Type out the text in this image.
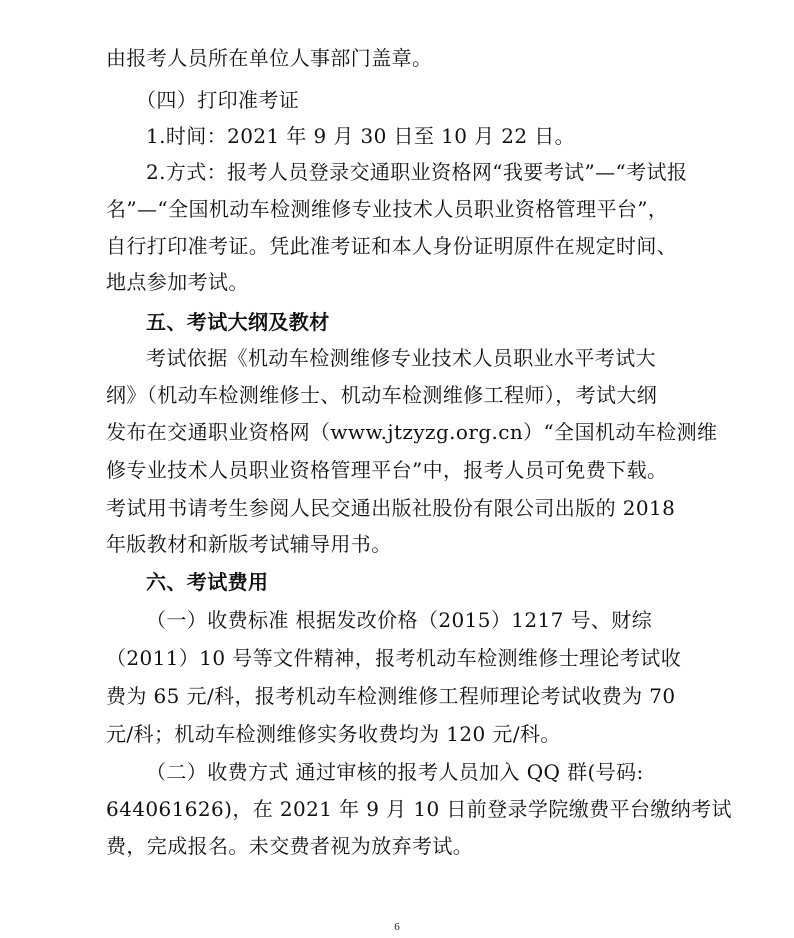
由报考人员所在单位人事部门盖章。
（四）打印准考证
1.时间：2021 年 9 月 30 日至 10 月 22 日。
2.方式：报考人员登录交通职业资格网“我要考试”—“考试报
名”—“全国机动车检测维修专业技术人员职业资格管理平台”，
自行打印准考证。凭此准考证和本人身份证明原件在规定时间、
地点参加考试。
五、考试大纲及教材
考试依据《机动车检测维修专业技术人员职业水平考试大
纲》（机动车检测维修士、机动车检测维修工程师），考试大纲
发布在交通职业资格网（www.jtzyzg.org.cn）“全国机动车检测维
修专业技术人员职业资格管理平台”中，报考人员可免费下载。
考试用书请考生参阅人民交通出版社股份有限公司出版的 2018
年版教材和新版考试辅导用书。
六、考试费用
（一）收费标准 根据发改价格（2015）1217 号、财综
（2011）10 号等文件精神，报考机动车检测维修士理论考试收
费为 65 元/科，报考机动车检测维修工程师理论考试收费为 70
元/科；机动车检测维修实务收费均为 120 元/科。
（二）收费方式 通过审核的报考人员加入 QQ 群(号码:
644061626)，在 2021 年 9 月 10 日前登录学院缴费平台缴纳考试
费，完成报名。未交费者视为放弃考试。
6
